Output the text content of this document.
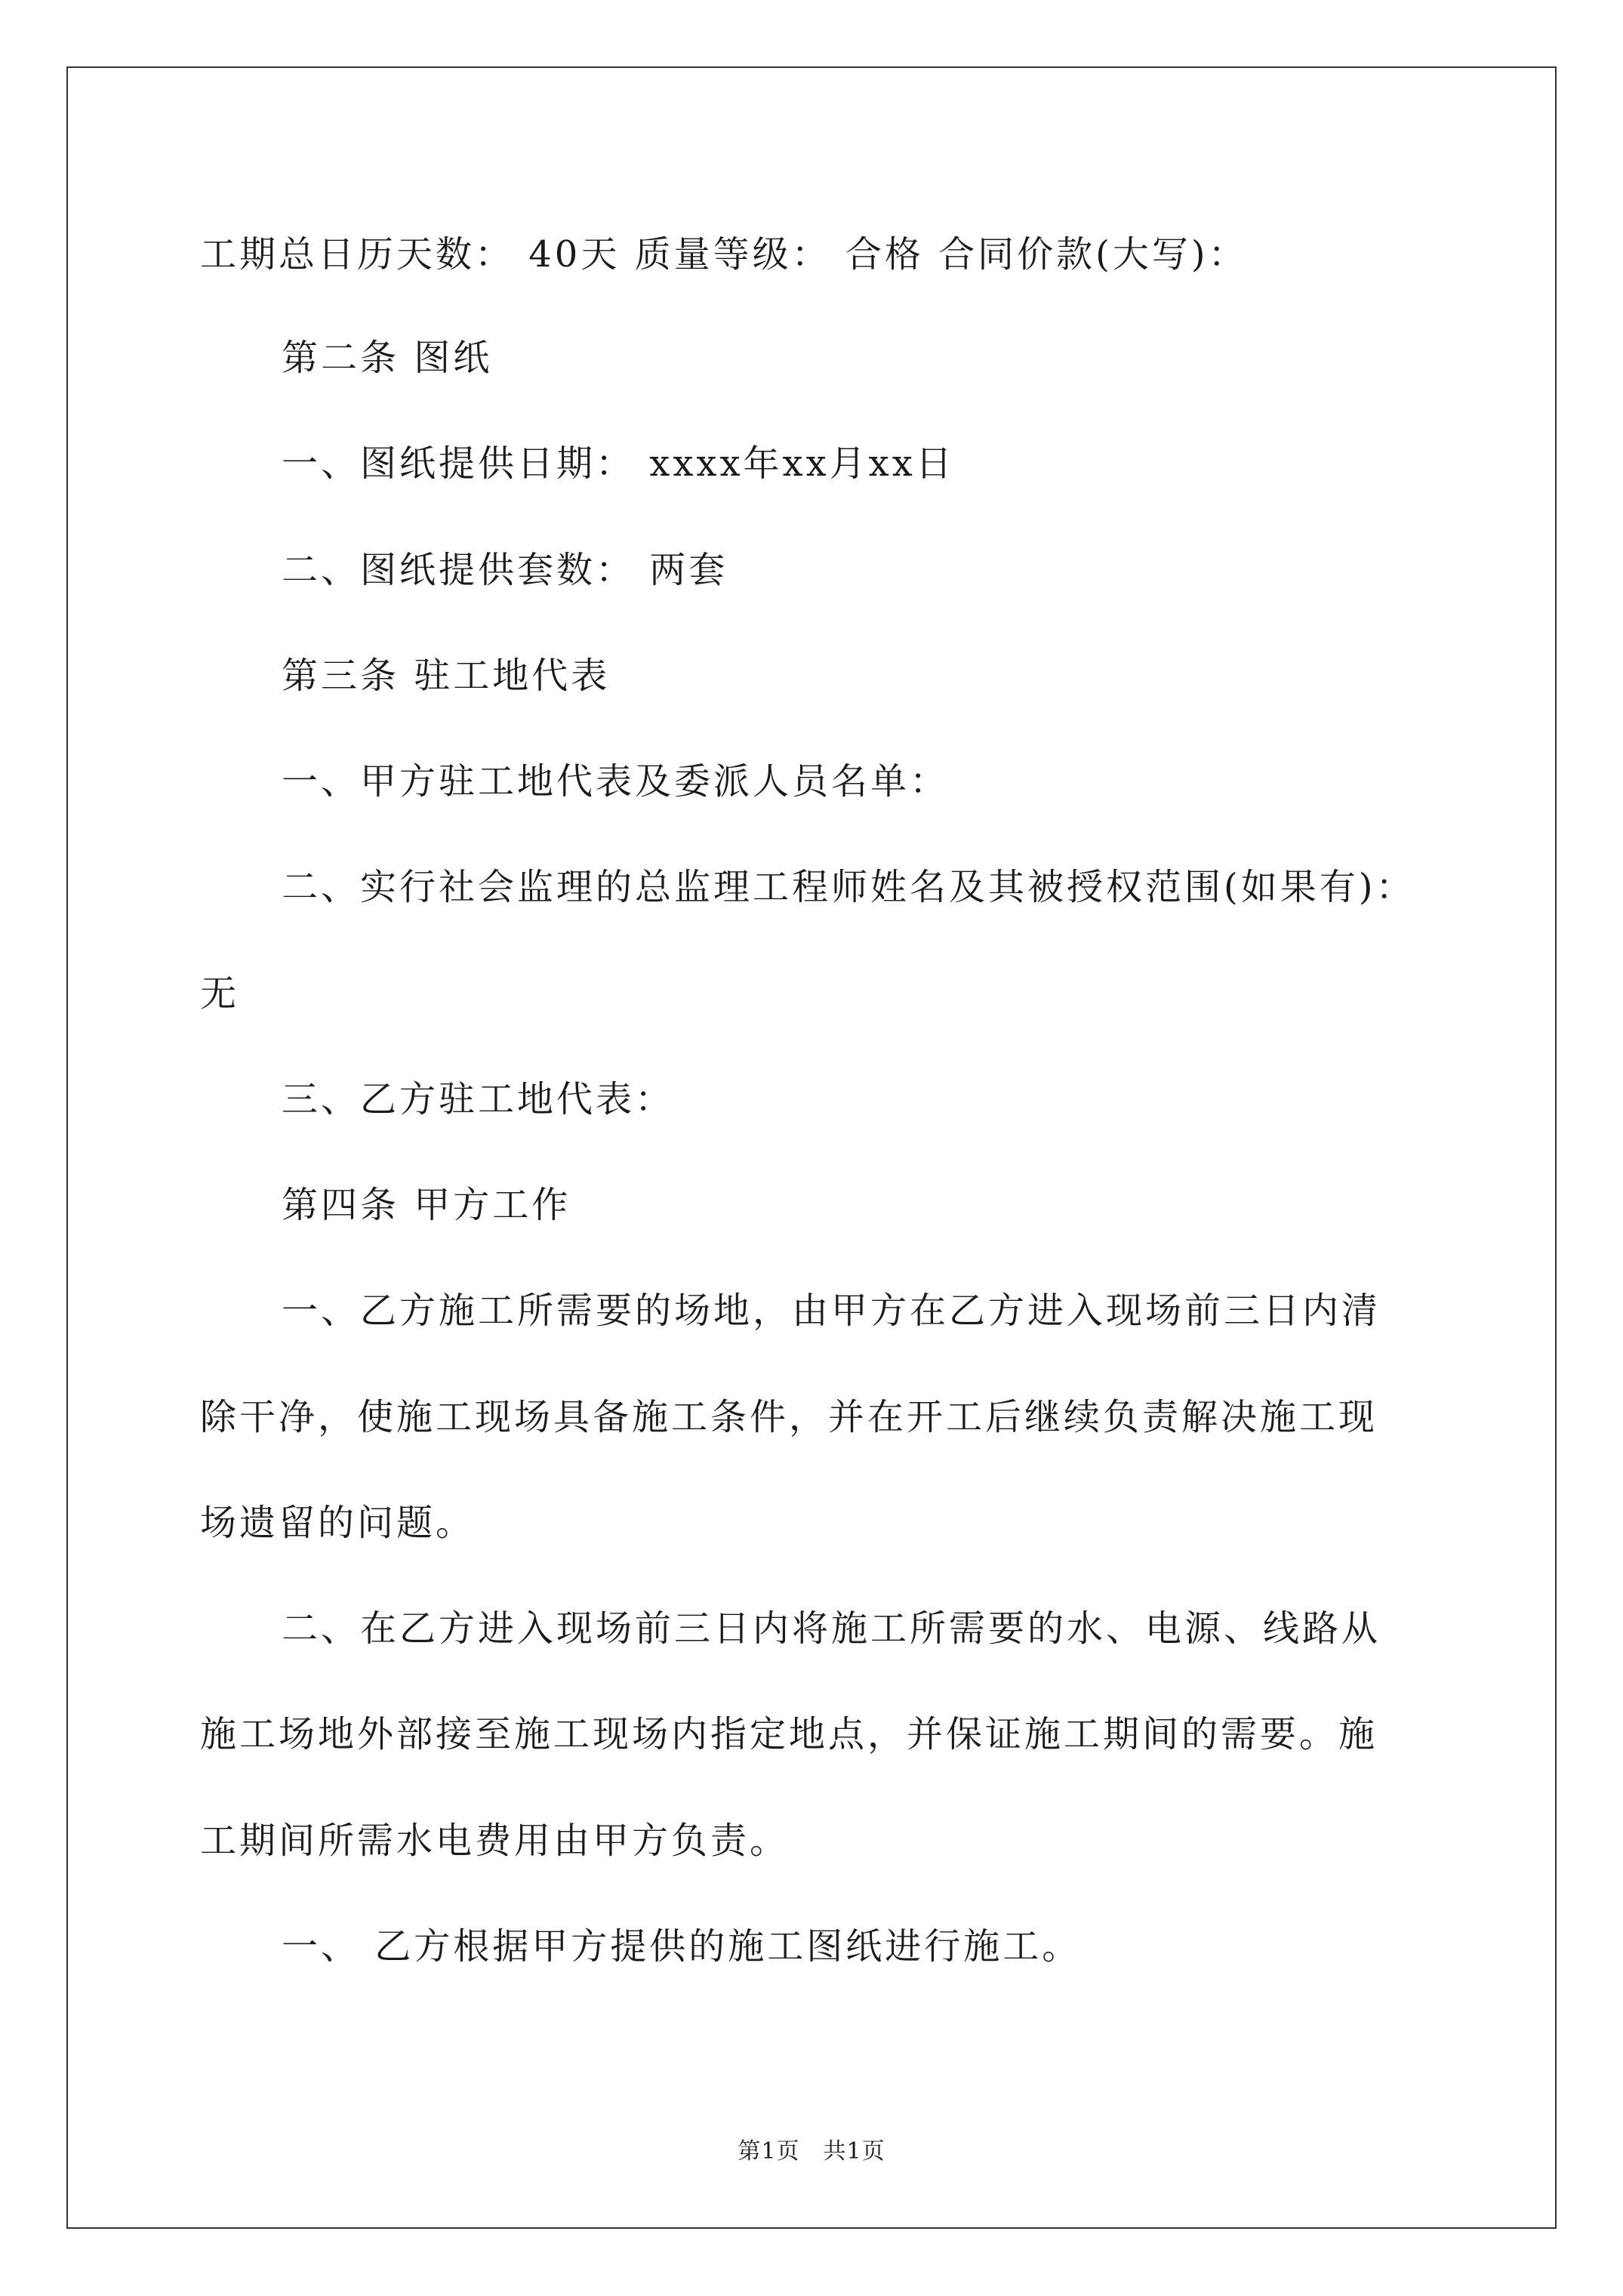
工期总日历天数： 40天 质量等级： 合格 合同价款(大写)：
第二条 图纸
一、图纸提供日期： xxxx年xx月xx日
二、图纸提供套数： 两套
第三条 驻工地代表
一、甲方驻工地代表及委派人员名单：
二、实行社会监理的总监理工程师姓名及其被授权范围(如果有)：
无
三、乙方驻工地代表：
第四条 甲方工作
一、乙方施工所需要的场地，由甲方在乙方进入现场前三日内清
除干净，使施工现场具备施工条件，并在开工后继续负责解决施工现
场遗留的问题。
二、在乙方进入现场前三日内将施工所需要的水、电源、线路从
施工场地外部接至施工现场内指定地点，并保证施工期间的需要。施
工期间所需水电费用由甲方负责。
一、 乙方根据甲方提供的施工图纸进行施工。
第1页　共1页
